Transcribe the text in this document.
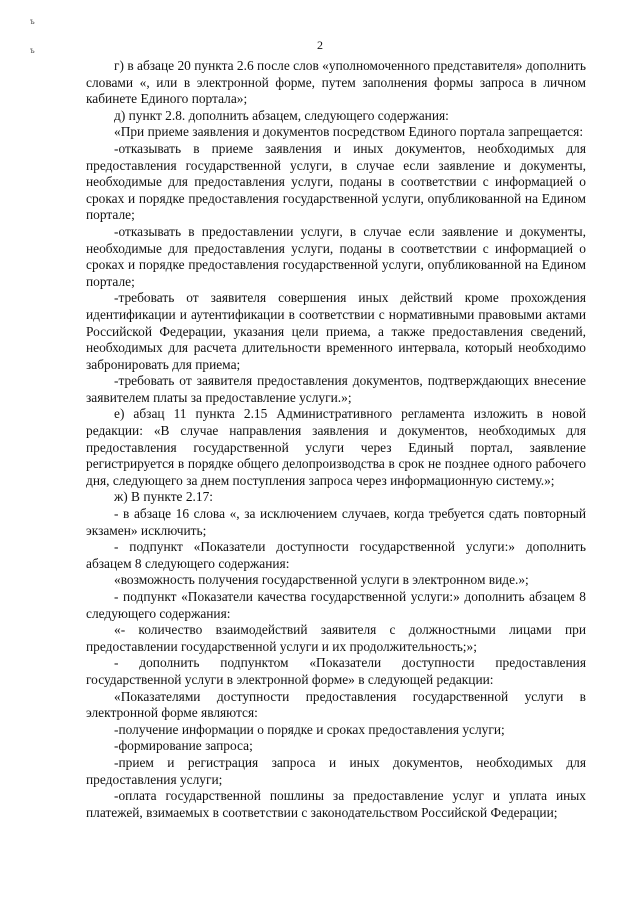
ъ
ъ	2

г) в абзаце 20 пункта 2.6 после слов «уполномоченного представителя» дополнить словами «, или в электронной форме, путем заполнения формы запроса в личном кабинете Единого портала»;

д) пункт 2.8. дополнить абзацем, следующего содержания:

«При приеме заявления и документов посредством Единого портала запрещается:

-отказывать в приеме заявления и иных документов, необходимых для предоставления государственной услуги, в случае если заявление и документы, необходимые для предоставления услуги, поданы в соответствии с информацией о сроках и порядке предоставления государственной услуги, опубликованной на Едином портале;

-отказывать в предоставлении услуги, в случае если заявление и документы, необходимые для предоставления услуги, поданы в соответствии с информацией о сроках и порядке предоставления государственной услуги, опубликованной на Едином портале;

-требовать от заявителя совершения иных действий кроме прохождения идентификации и аутентификации в соответствии с нормативными правовыми актами Российской Федерации, указания цели приема, а также предоставления сведений, необходимых для расчета длительности временного интервала, который необходимо забронировать для приема;

-требовать от заявителя предоставления документов, подтверждающих внесение заявителем платы за предоставление услуги.»;

е) абзац 11 пункта 2.15 Административного регламента изложить в новой редакции: «В случае направления заявления и документов, необходимых для предоставления государственной услуги через Единый портал, заявление регистрируется в порядке общего делопроизводства в срок не позднее одного рабочего дня, следующего за днем поступления запроса через информационную систему.»;

ж) В пункте 2.17:

- в абзаце 16 слова «, за исключением случаев, когда требуется сдать повторный экзамен» исключить;

- подпункт «Показатели доступности государственной услуги:» дополнить абзацем 8 следующего содержания:

«возможность получения государственной услуги в электронном виде.»;

- подпункт «Показатели качества государственной услуги:» дополнить абзацем 8 следующего содержания:

«- количество взаимодействий заявителя с должностными лицами при предоставлении государственной услуги и их продолжительность;»;

- дополнить подпунктом «Показатели доступности предоставления государственной услуги в электронной форме» в следующей редакции:

«Показателями доступности предоставления государственной услуги в электронной форме являются:

-получение информации о порядке и сроках предоставления услуги;

-формирование запроса;

-прием и регистрация запроса и иных документов, необходимых для предоставления услуги;

-оплата государственной пошлины за предоставление услуг и уплата иных платежей, взимаемых в соответствии с законодательством Российской Федерации;
